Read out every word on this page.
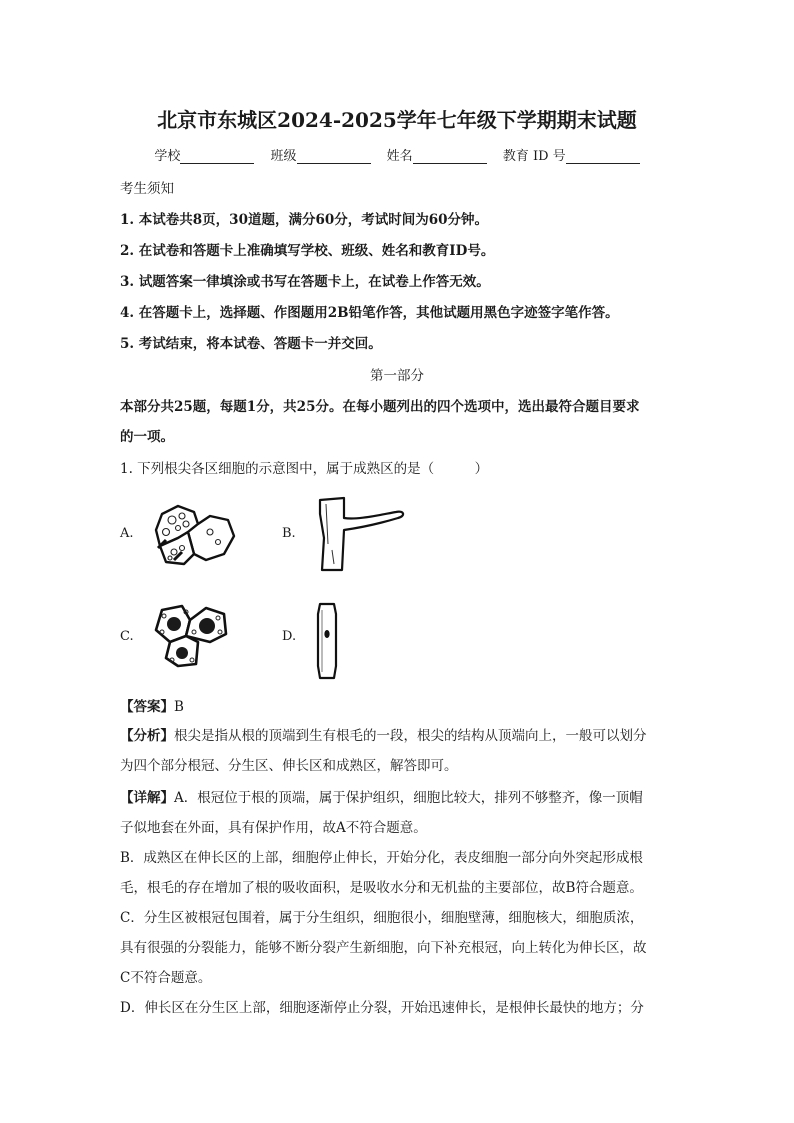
北京市东城区2024-2025学年七年级下学期期末试题
学校	班级	姓名	教育 ID 号
考生须知
1. 本试卷共8页，30道题，满分60分，考试时间为60分钟。
2. 在试卷和答题卡上准确填写学校、班级、姓名和教育ID号。
3. 试题答案一律填涂或书写在答题卡上，在试卷上作答无效。
4. 在答题卡上，选择题、作图题用2B铅笔作答，其他试题用黑色字迹签字笔作答。
5. 考试结束，将本试卷、答题卡一并交回。
第一部分
本部分共25题，每题1分，共25分。在每小题列出的四个选项中，选出最符合题目要求
的一项。
1. 下列根尖各区细胞的示意图中，属于成熟区的是（　　　）
A.	B.
C.	D.
【答案】B
【分析】根尖是指从根的顶端到生有根毛的一段，根尖的结构从顶端向上，一般可以划分
为四个部分根冠、分生区、伸长区和成熟区，解答即可。
【详解】A．根冠位于根的顶端，属于保护组织，细胞比较大，排列不够整齐，像一顶帽
子似地套在外面，具有保护作用，故A不符合题意。
B．成熟区在伸长区的上部，细胞停止伸长，开始分化，表皮细胞一部分向外突起形成根
毛，根毛的存在增加了根的吸收面积，是吸收水分和无机盐的主要部位，故B符合题意。
C．分生区被根冠包围着，属于分生组织，细胞很小，细胞壁薄，细胞核大，细胞质浓，
具有很强的分裂能力，能够不断分裂产生新细胞，向下补充根冠，向上转化为伸长区，故
C不符合题意。
D．伸长区在分生区上部，细胞逐渐停止分裂，开始迅速伸长，是根伸长最快的地方；分
